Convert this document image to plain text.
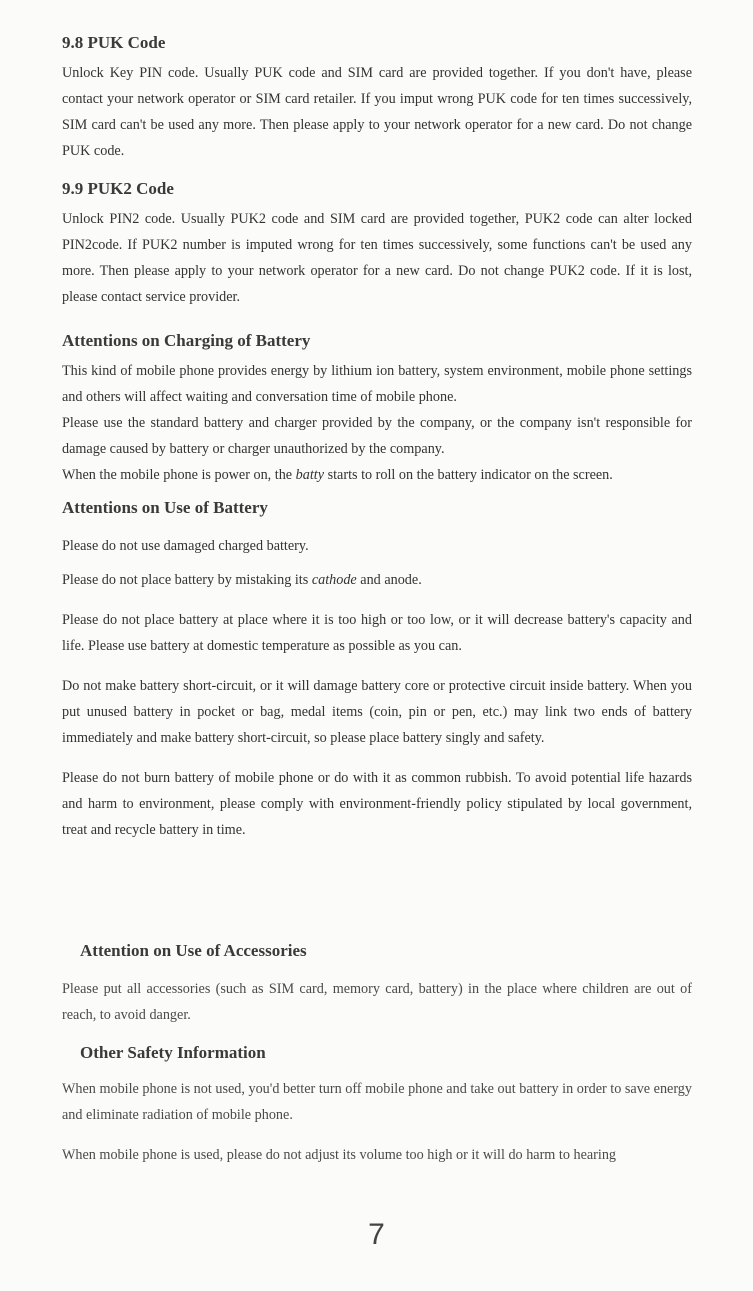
9.8 PUK Code

Unlock Key PIN code. Usually PUK code and SIM card are provided together. If you don't have, please contact your network operator or SIM card retailer. If you imput wrong PUK code for ten times successively, SIM card can't be used any more. Then please apply to your network operator for a new card. Do not change PUK code.

9.9 PUK2 Code

Unlock PIN2 code. Usually PUK2 code and SIM card are provided together, PUK2 code can alter locked PIN2code. If PUK2 number is imputed wrong for ten times successively, some functions can't be used any more. Then please apply to your network operator for a new card. Do not change PUK2 code. If it is lost, please contact service provider.

Attentions on Charging of Battery

This kind of mobile phone provides energy by lithium ion battery, system environment, mobile phone settings and others will affect waiting and conversation time of mobile phone.

Please use the standard battery and charger provided by the company, or the company isn't responsible for damage caused by battery or charger unauthorized by the company.

When the mobile phone is power on, the batty starts to roll on the battery indicator on the screen.

Attentions on Use of Battery

Please do not use damaged charged battery.

Please do not place battery by mistaking its cathode and anode.

Please do not place battery at place where it is too high or too low, or it will decrease battery's capacity and life. Please use battery at domestic temperature as possible as you can.

Do not make battery short-circuit, or it will damage battery core or protective circuit inside battery. When you put unused battery in pocket or bag, medal items (coin, pin or pen, etc.) may link two ends of battery immediately and make battery short-circuit, so please place battery singly and safety.

Please do not burn battery of mobile phone or do with it as common rubbish. To avoid potential life hazards and harm to environment, please comply with environment-friendly policy stipulated by local government, treat and recycle battery in time.

Attention on Use of Accessories

Please put all accessories (such as SIM card, memory card, battery) in the place where children are out of reach, to avoid danger.

Other Safety Information

When mobile phone is not used, you'd better turn off mobile phone and take out battery in order to save energy and eliminate radiation of mobile phone.

When mobile phone is used, please do not adjust its volume too high or it will do harm to hearing

7
